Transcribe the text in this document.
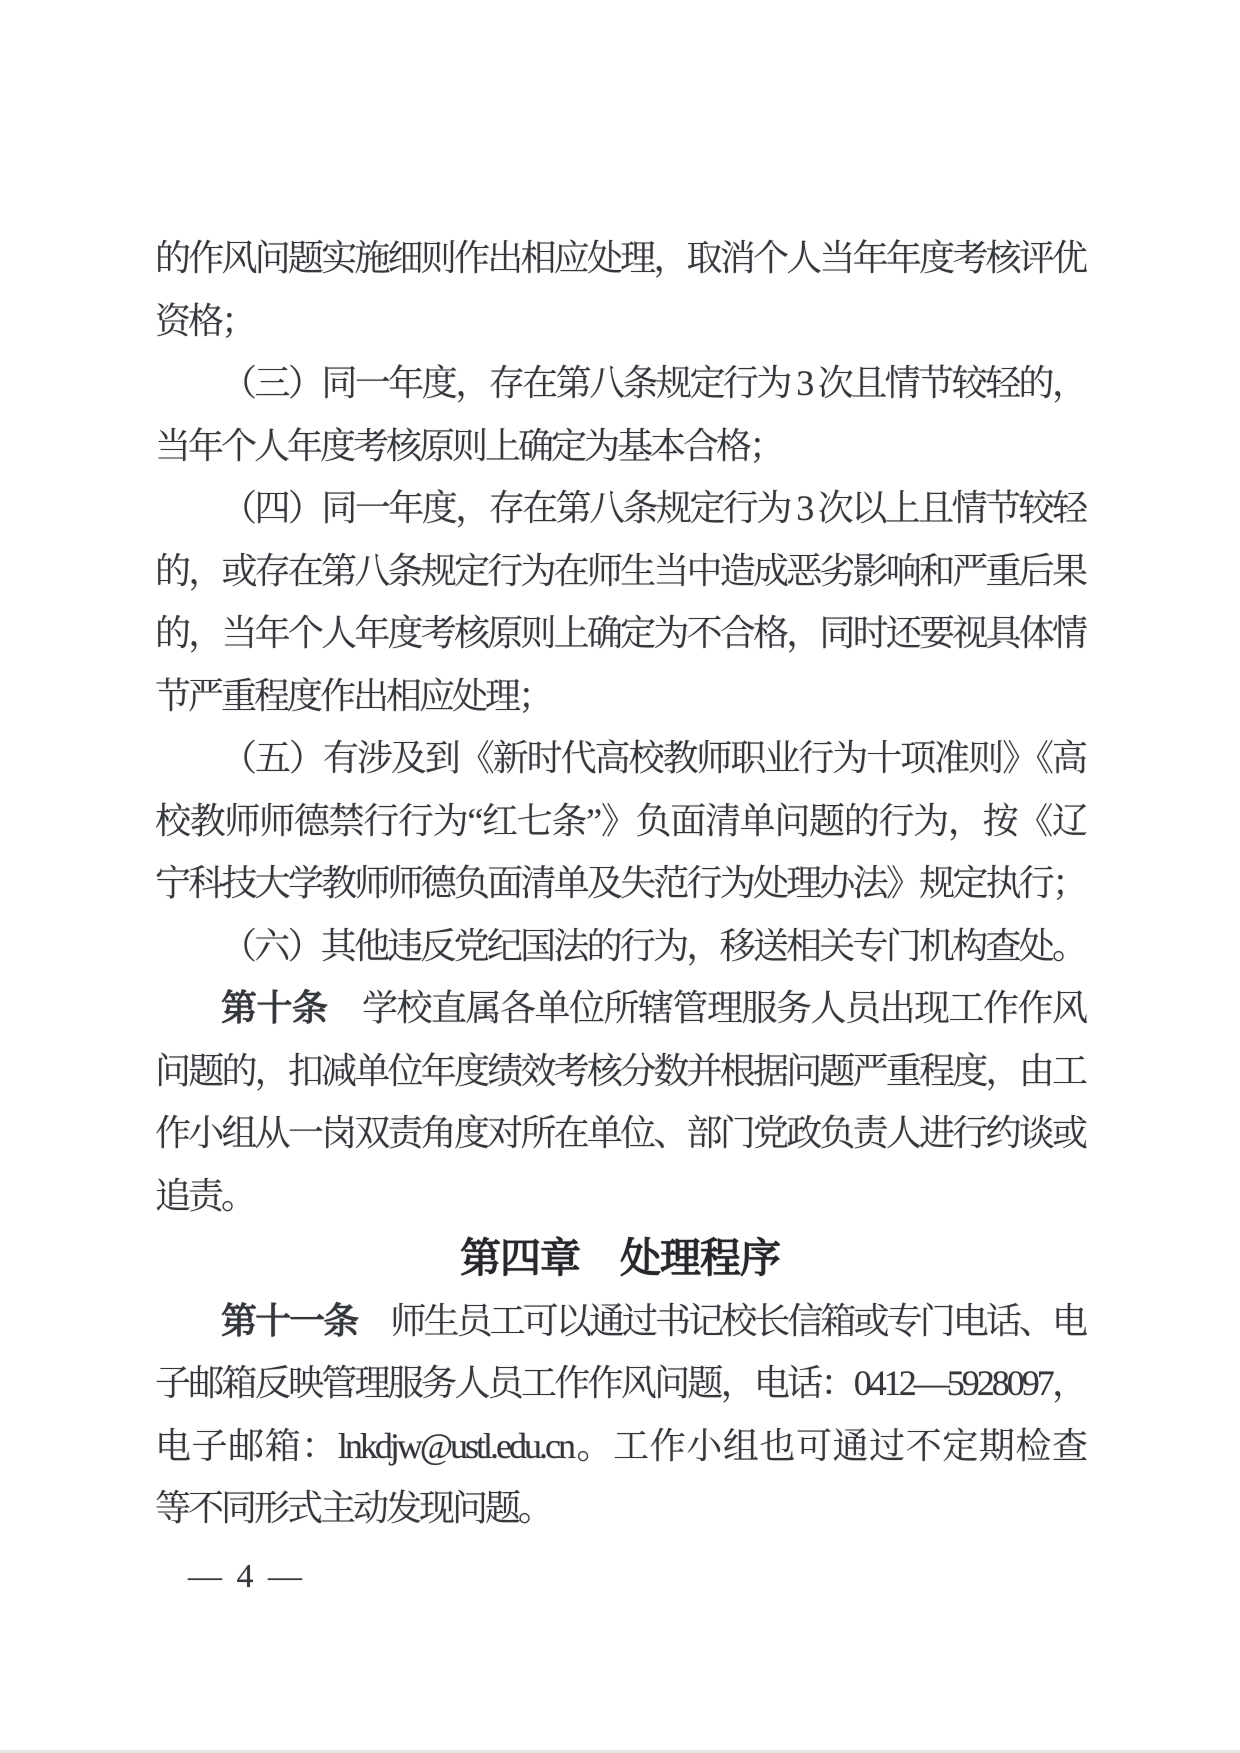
的作风问题实施细则作出相应处理，取消个人当年年度考核评优
资格；
（三）同一年度，存在第八条规定行为 3 次且情节较轻的，
当年个人年度考核原则上确定为基本合格；
（四）同一年度，存在第八条规定行为 3 次以上且情节较轻
的，或存在第八条规定行为在师生当中造成恶劣影响和严重后果
的，当年个人年度考核原则上确定为不合格，同时还要视具体情
节严重程度作出相应处理；
（五）有涉及到《新时代高校教师职业行为十项准则》《高
校教师师德禁行行为“红七条”》负面清单问题的行为，按《辽
宁科技大学教师师德负面清单及失范行为处理办法》规定执行；
（六）其他违反党纪国法的行为，移送相关专门机构查处。
第十条　学校直属各单位所辖管理服务人员出现工作作风
问题的，扣减单位年度绩效考核分数并根据问题严重程度，由工
作小组从一岗双责角度对所在单位、部门党政负责人进行约谈或
追责。
第四章　处理程序
第十一条　师生员工可以通过书记校长信箱或专门电话、电
子邮箱反映管理服务人员工作作风问题，电话：0412—5928097，
电子邮箱：lnkdjw@ustl.edu.cn。工作小组也可通过不定期检查
等不同形式主动发现问题。
— 4 —
